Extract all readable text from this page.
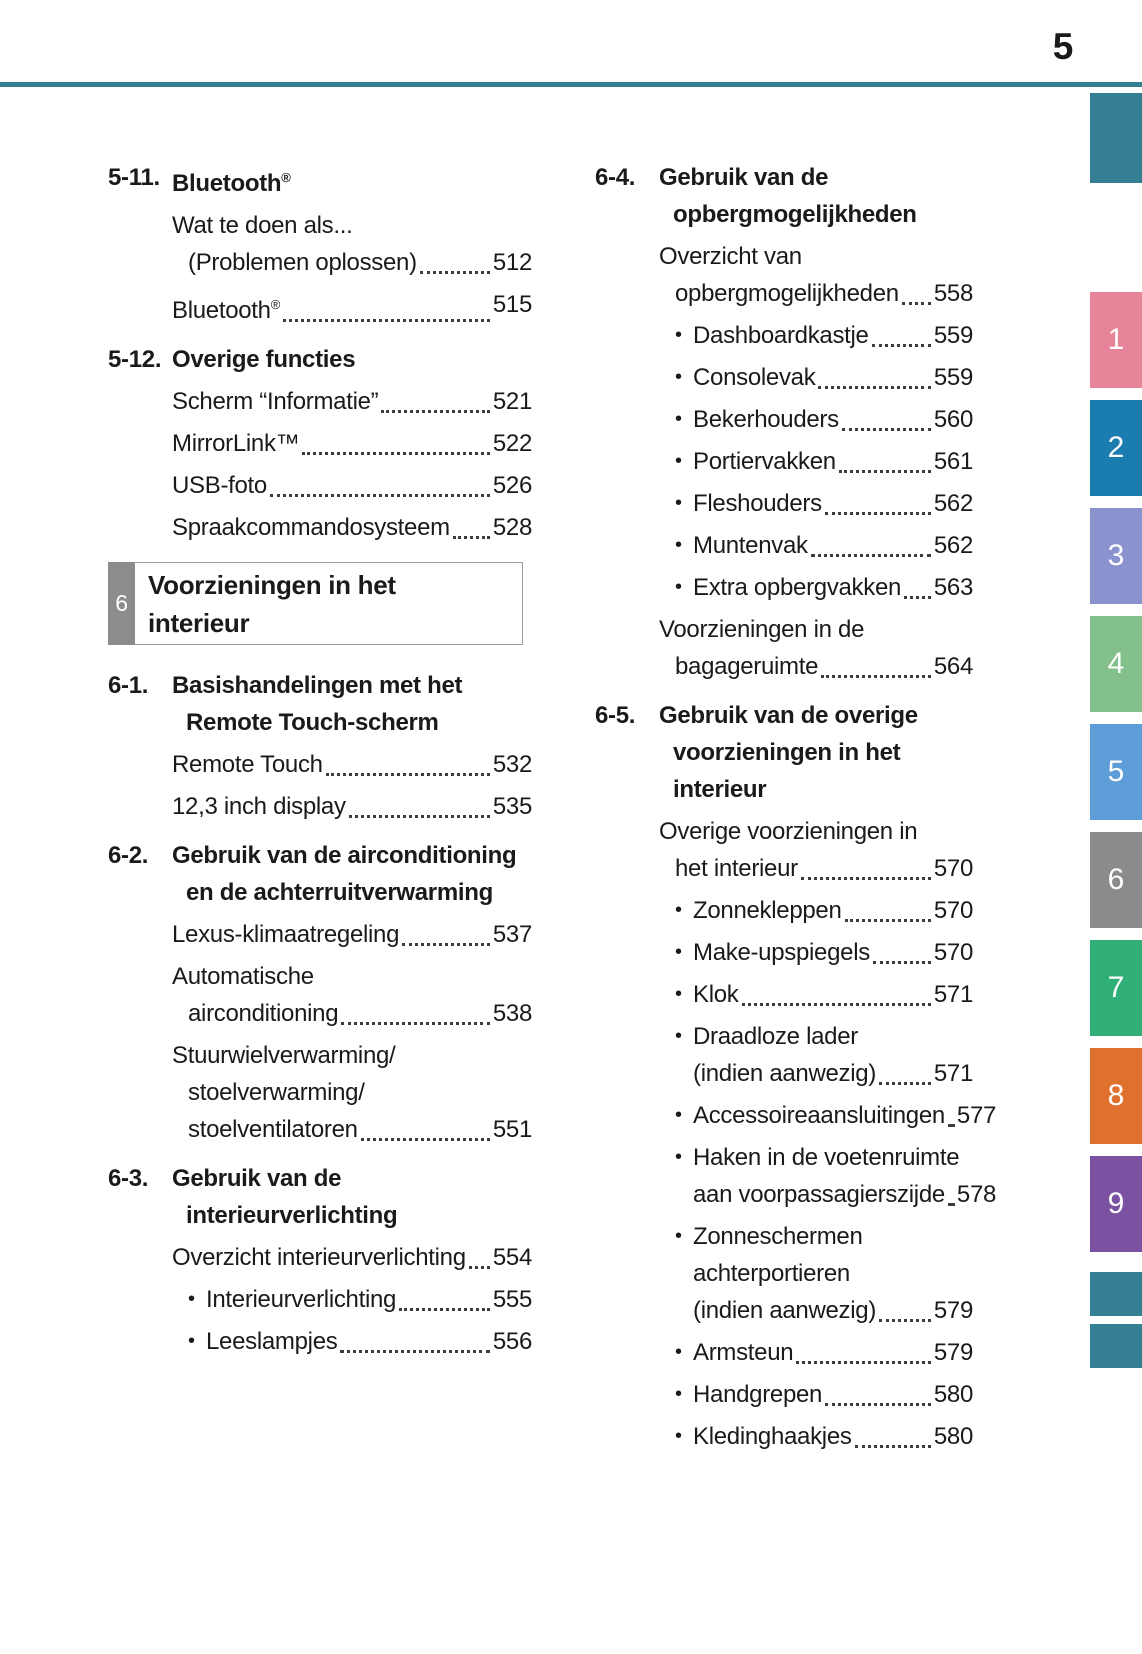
5
5-11. Bluetooth®
Wat te doen als...
(Problemen oplossen)	512
Bluetooth®	515
5-12. Overige functies
Scherm “Informatie”	521
MirrorLink™	522
USB-foto	526
Spraakcommandosysteem 528
6
Voorzieningen in het
interieur
6-1. Basishandelingen met het
Remote Touch-scherm
Remote Touch	532
12,3 inch display	535
6-2. Gebruik van de airconditioning
en de achterruitverwarming
Lexus-klimaatregeling	537
Automatische
airconditioning	538
Stuurwielverwarming/
stoelverwarming/
stoelventilatoren	551
6-3. Gebruik van de
interieurverlichting
Overzicht interieurverlichting 554
• Interieurverlichting	555
• Leeslampjes	556
6-4. Gebruik van de
opbergmogelijkheden
Overzicht van
opbergmogelijkheden 558
• Dashboardkastje	559
• Consolevak	559
• Bekerhouders	560
• Portiervakken	561
• Fleshouders	562
• Muntenvak	562
• Extra opbergvakken 563
Voorzieningen in de
bagageruimte	564
6-5. Gebruik van de overige
voorzieningen in het interieur
Overige voorzieningen in
het interieur	570
• Zonnekleppen	570
• Make-upspiegels	570
• Klok	571
• Draadloze lader
(indien aanwezig) 571
• Accessoireaansluitingen 577
• Haken in de voetenruimte
aan voorpassagierszijde 578
• Zonneschermen
achterportieren
(indien aanwezig) 579
• Armsteun	579
• Handgrepen	580
• Kledinghaakjes	580
1
2
3
4
5
6
7
8
9
